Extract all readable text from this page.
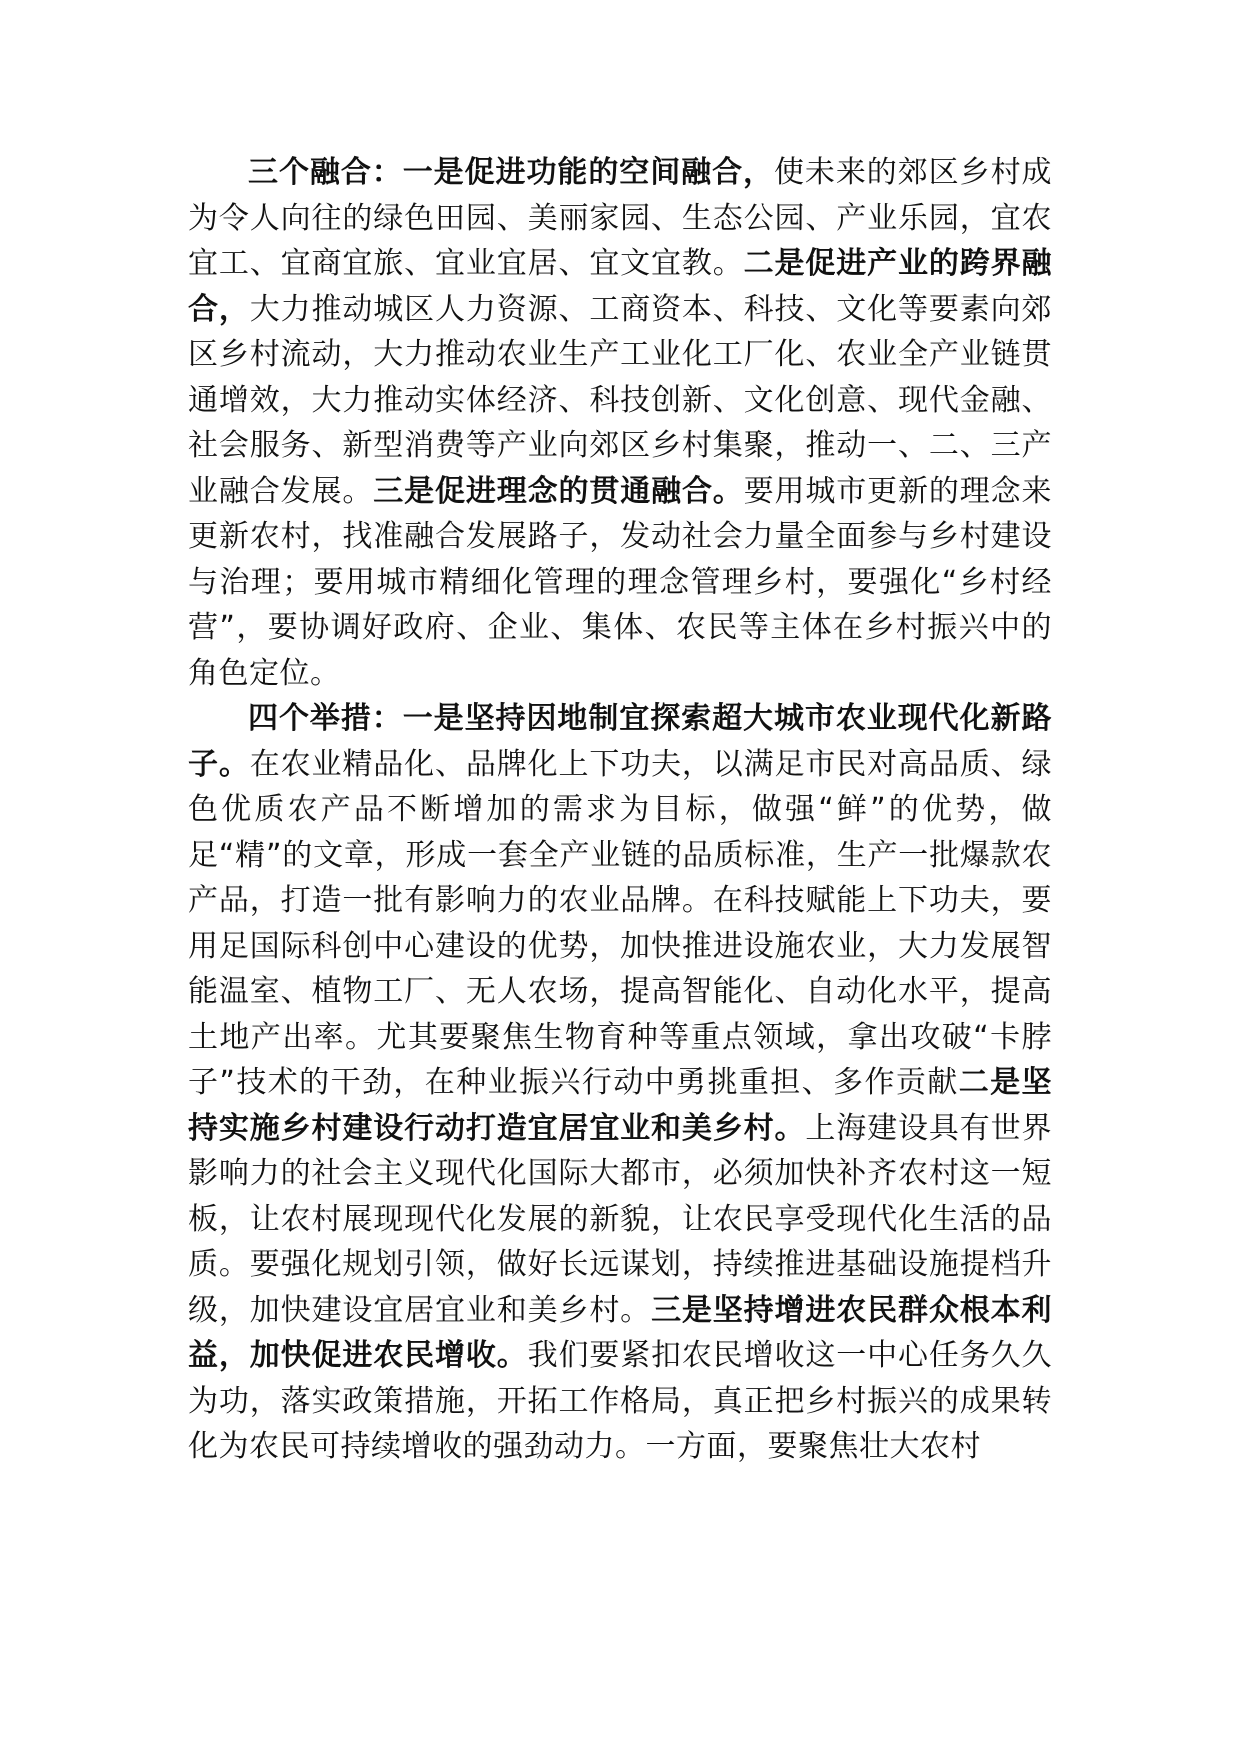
三个融合：一是促进功能的空间融合，使未来的郊区乡村成为令人向往的绿色田园、美丽家园、生态公园、产业乐园，宜农宜工、宜商宜旅、宜业宜居、宜文宜教。二是促进产业的跨界融合，大力推动城区人力资源、工商资本、科技、文化等要素向郊区乡村流动，大力推动农业生产工业化工厂化、农业全产业链贯通增效，大力推动实体经济、科技创新、文化创意、现代金融、社会服务、新型消费等产业向郊区乡村集聚，推动一、二、三产业融合发展。三是促进理念的贯通融合。要用城市更新的理念来更新农村，找准融合发展路子，发动社会力量全面参与乡村建设与治理；要用城市精细化管理的理念管理乡村，要强化“乡村经营”，要协调好政府、企业、集体、农民等主体在乡村振兴中的角色定位。

四个举措：一是坚持因地制宜探索超大城市农业现代化新路子。在农业精品化、品牌化上下功夫，以满足市民对高品质、绿色优质农产品不断增加的需求为目标，做强“鲜”的优势，做足“精”的文章，形成一套全产业链的品质标准，生产一批爆款农产品，打造一批有影响力的农业品牌。在科技赋能上下功夫，要用足国际科创中心建设的优势，加快推进设施农业，大力发展智能温室、植物工厂、无人农场，提高智能化、自动化水平，提高土地产出率。尤其要聚焦生物育种等重点领域，拿出攻破“卡脖子”技术的干劲，在种业振兴行动中勇挑重担、多作贡献二是坚持实施乡村建设行动打造宜居宜业和美乡村。上海建设具有世界影响力的社会主义现代化国际大都市，必须加快补齐农村这一短板，让农村展现现代化发展的新貌，让农民享受现代化生活的品质。要强化规划引领，做好长远谋划，持续推进基础设施提档升级，加快建设宜居宜业和美乡村。三是坚持增进农民群众根本利益，加快促进农民增收。我们要紧扣农民增收这一中心任务久久为功，落实政策措施，开拓工作格局，真正把乡村振兴的成果转化为农民可持续增收的强劲动力。一方面，要聚焦壮大农村
